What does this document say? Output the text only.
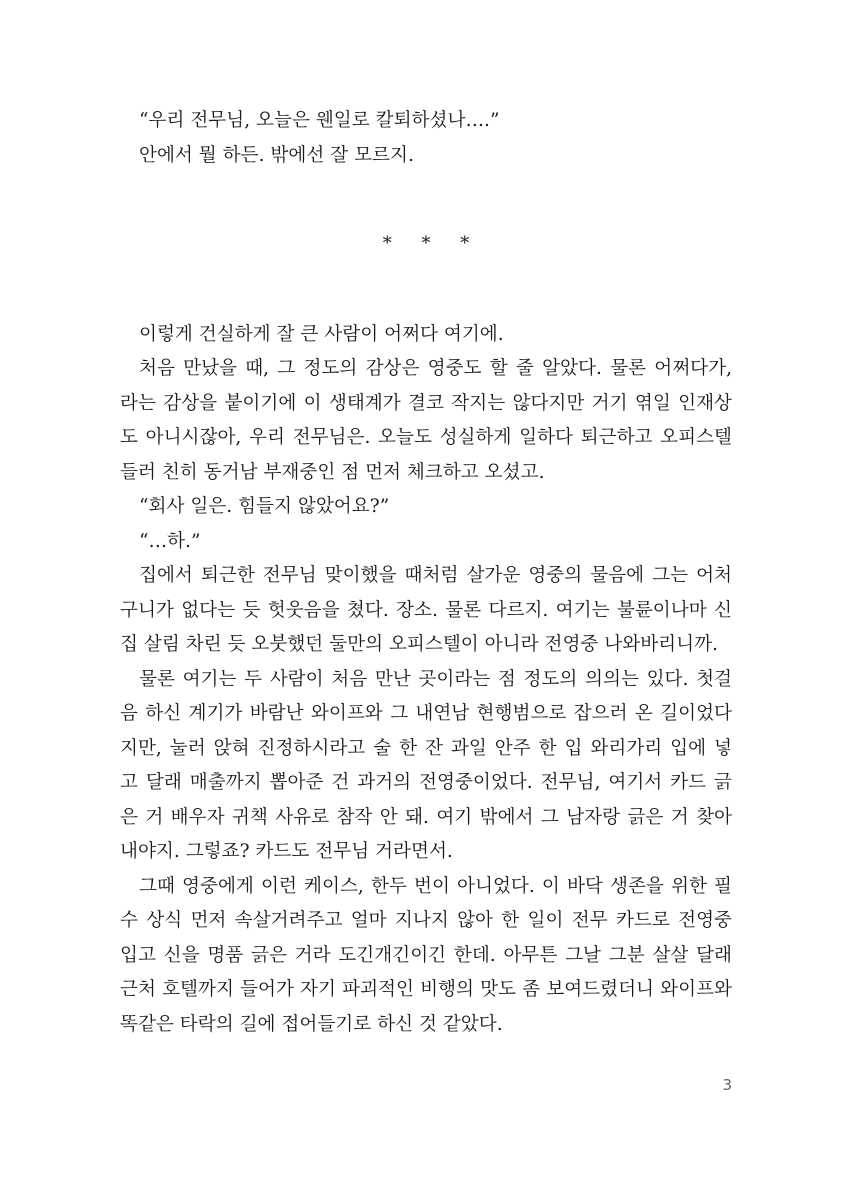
“우리 전무님, 오늘은 웬일로 칼퇴하셨나….”

안에서 뭘 하든. 밖에선 잘 모르지.

* * *

이렇게 건실하게 잘 큰 사람이 어쩌다 여기에.

처음 만났을 때, 그 정도의 감상은 영중도 할 줄 알았다. 물론 어쩌다가,

라는 감상을 붙이기에 이 생태계가 결코 작지는 않다지만 거기 엮일 인재상

도 아니시잖아, 우리 전무님은. 오늘도 성실하게 일하다 퇴근하고 오피스텔

들러 친히 동거남 부재중인 점 먼저 체크하고 오셨고.

“회사 일은. 힘들지 않았어요?”

“…하.”

집에서 퇴근한 전무님 맞이했을 때처럼 살가운 영중의 물음에 그는 어처

구니가 없다는 듯 헛웃음을 쳤다. 장소. 물론 다르지. 여기는 불륜이나마 신

집 살림 차린 듯 오붓했던 둘만의 오피스텔이 아니라 전영중 나와바리니까.

물론 여기는 두 사람이 처음 만난 곳이라는 점 정도의 의의는 있다. 첫걸

음 하신 계기가 바람난 와이프와 그 내연남 현행범으로 잡으러 온 길이었다

지만, 눌러 앉혀 진정하시라고 술 한 잔 과일 안주 한 입 와리가리 입에 넣

고 달래 매출까지 뽑아준 건 과거의 전영중이었다. 전무님, 여기서 카드 긁

은 거 배우자 귀책 사유로 참작 안 돼. 여기 밖에서 그 남자랑 긁은 거 찾아

내야지. 그렇죠? 카드도 전무님 거라면서.

그때 영중에게 이런 케이스, 한두 번이 아니었다. 이 바닥 생존을 위한 필

수 상식 먼저 속살거려주고 얼마 지나지 않아 한 일이 전무 카드로 전영중

입고 신을 명품 긁은 거라 도긴개긴이긴 한데. 아무튼 그날 그분 살살 달래

근처 호텔까지 들어가 자기 파괴적인 비행의 맛도 좀 보여드렸더니 와이프와

똑같은 타락의 길에 접어들기로 하신 것 같았다.

3
